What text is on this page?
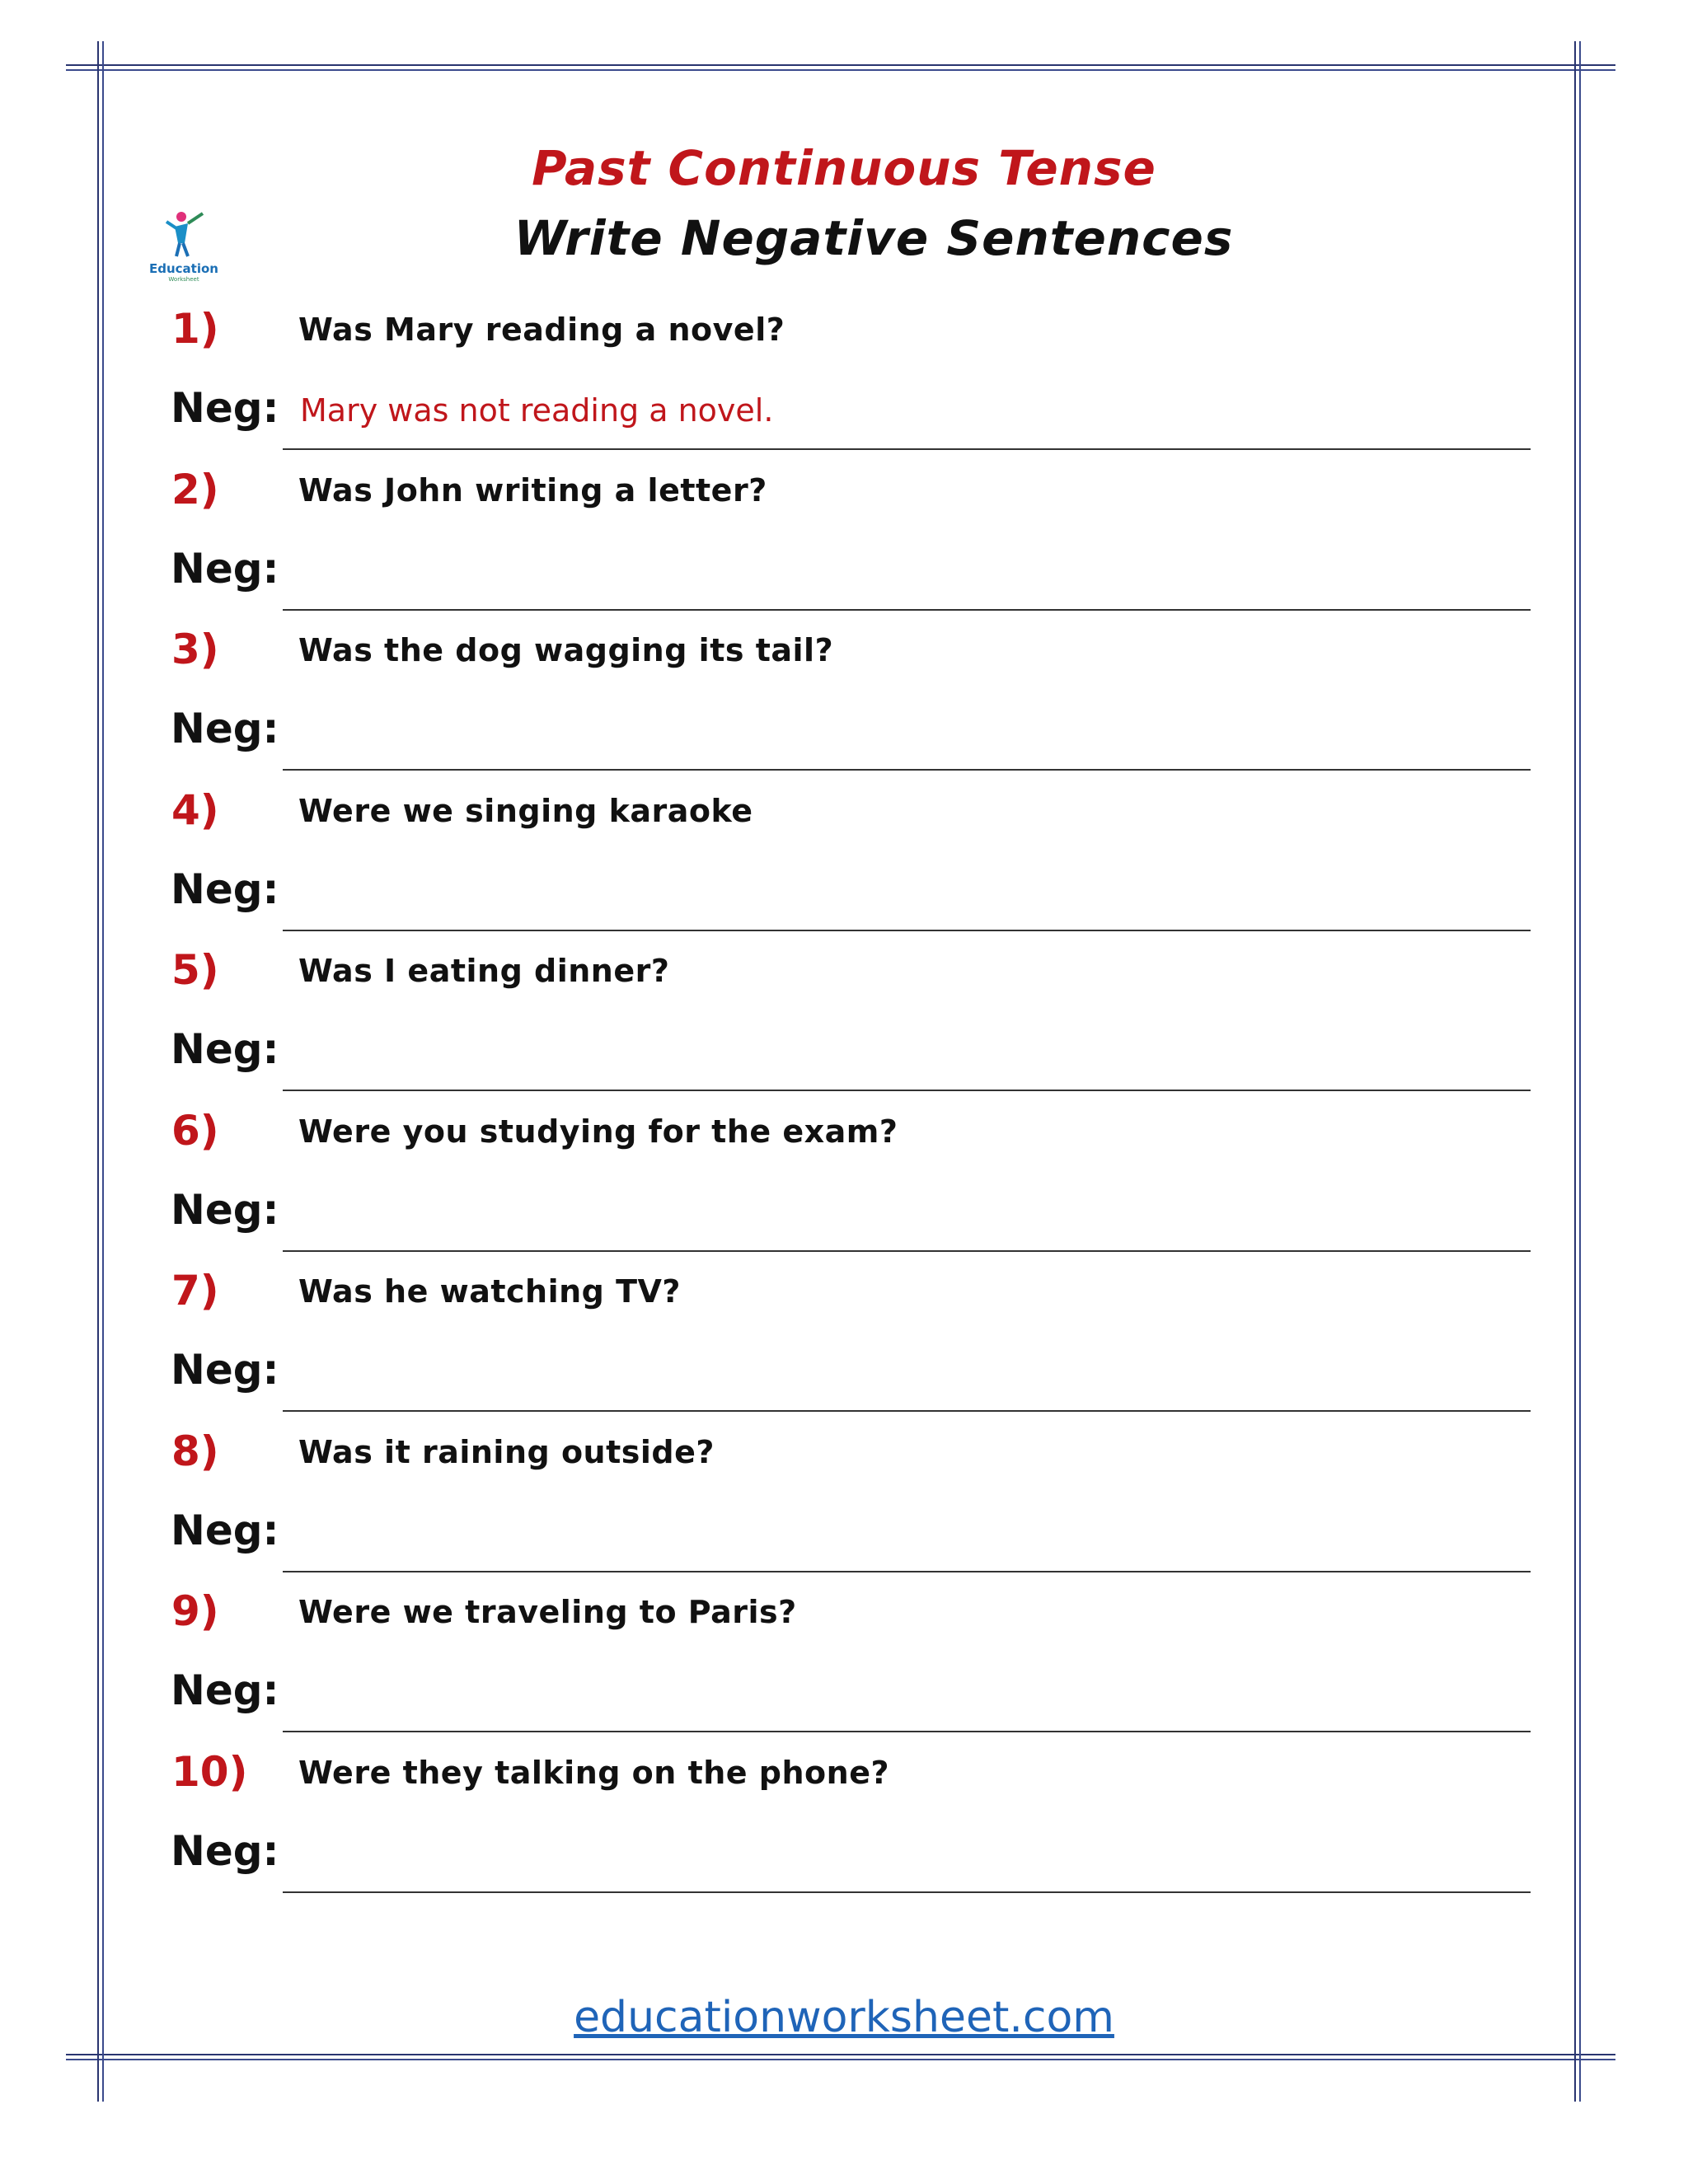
Education
Worksheet
Past Continuous Tense
Write Negative Sentences
1)	Was Mary reading a novel?
Neg: Mary was not reading a novel.
2)	Was John writing a letter?
Neg:
3)	Was the dog wagging its tail?
Neg:
4)	Were we singing karaoke
Neg:
5)	Was I eating dinner?
Neg:
6)	Were you studying for the exam?
Neg:
7)	Was he watching TV?
Neg:
8)	Was it raining outside?
Neg:
9)	Were we traveling to Paris?
Neg:
10) Were they talking on the phone?
Neg:
educationworksheet.com
